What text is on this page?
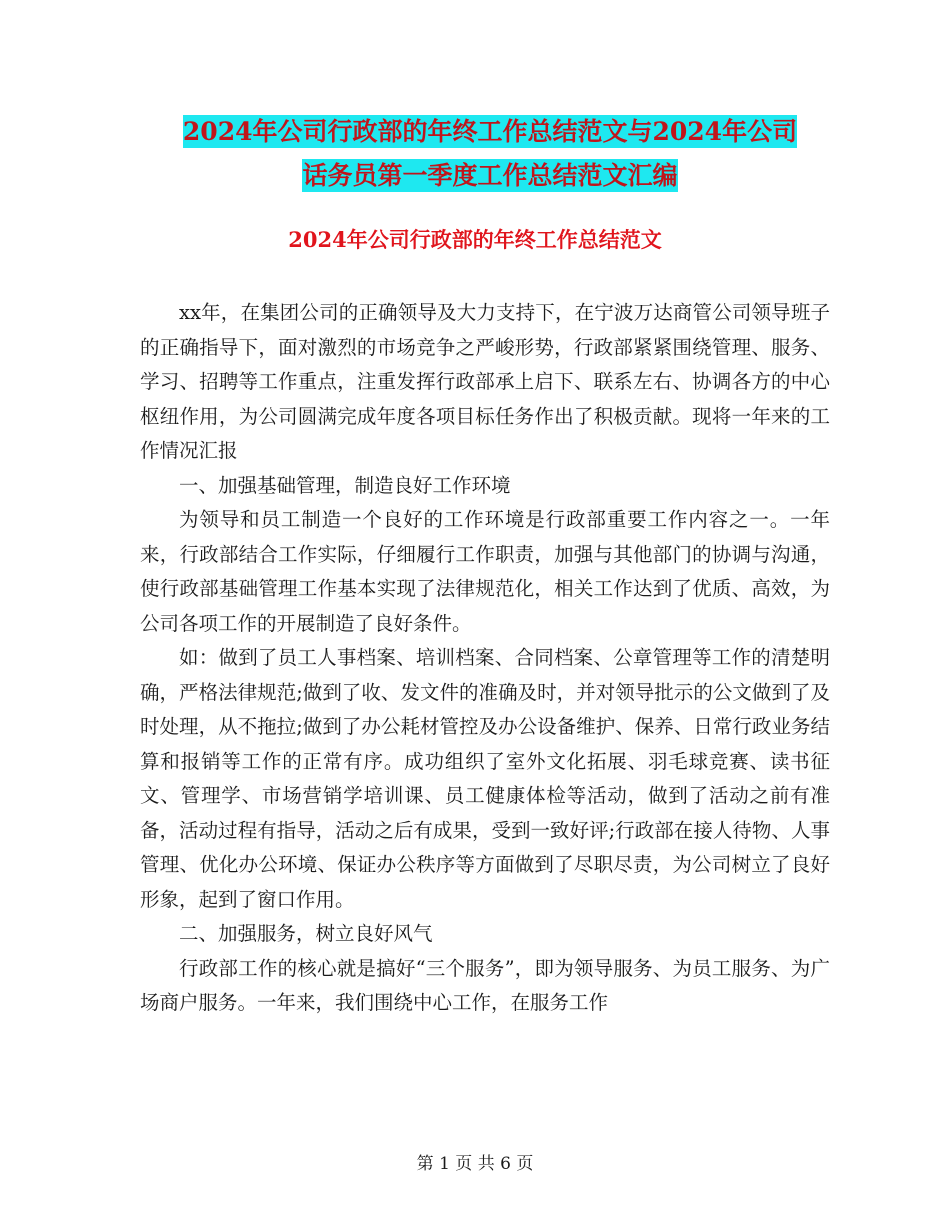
2024年公司行政部的年终工作总结范文与2024年公司
话务员第一季度工作总结范文汇编
2024年公司行政部的年终工作总结范文

xx年，在集团公司的正确领导及大力支持下，在宁波万达商管公司领导班子的正确指导下，面对激烈的市场竞争之严峻形势，行政部紧紧围绕管理、服务、学习、招聘等工作重点，注重发挥行政部承上启下、联系左右、协调各方的中心枢纽作用，为公司圆满完成年度各项目标任务作出了积极贡献。现将一年来的工作情况汇报

一、加强基础管理，制造良好工作环境

为领导和员工制造一个良好的工作环境是行政部重要工作内容之一。一年来，行政部结合工作实际，仔细履行工作职责，加强与其他部门的协调与沟通，使行政部基础管理工作基本实现了法律规范化，相关工作达到了优质、高效，为公司各项工作的开展制造了良好条件。

如：做到了员工人事档案、培训档案、合同档案、公章管理等工作的清楚明确，严格法律规范;做到了收、发文件的准确及时，并对领导批示的公文做到了及时处理，从不拖拉;做到了办公耗材管控及办公设备维护、保养、日常行政业务结算和报销等工作的正常有序。成功组织了室外文化拓展、羽毛球竞赛、读书征文、管理学、市场营销学培训课、员工健康体检等活动，做到了活动之前有准备，活动过程有指导，活动之后有成果，受到一致好评;行政部在接人待物、人事管理、优化办公环境、保证办公秩序等方面做到了尽职尽责，为公司树立了良好形象，起到了窗口作用。

二、加强服务，树立良好风气

行政部工作的核心就是搞好“三个服务”，即为领导服务、为员工服务、为广场商户服务。一年来，我们围绕中心工作，在服务工作

第 1 页 共 6 页
